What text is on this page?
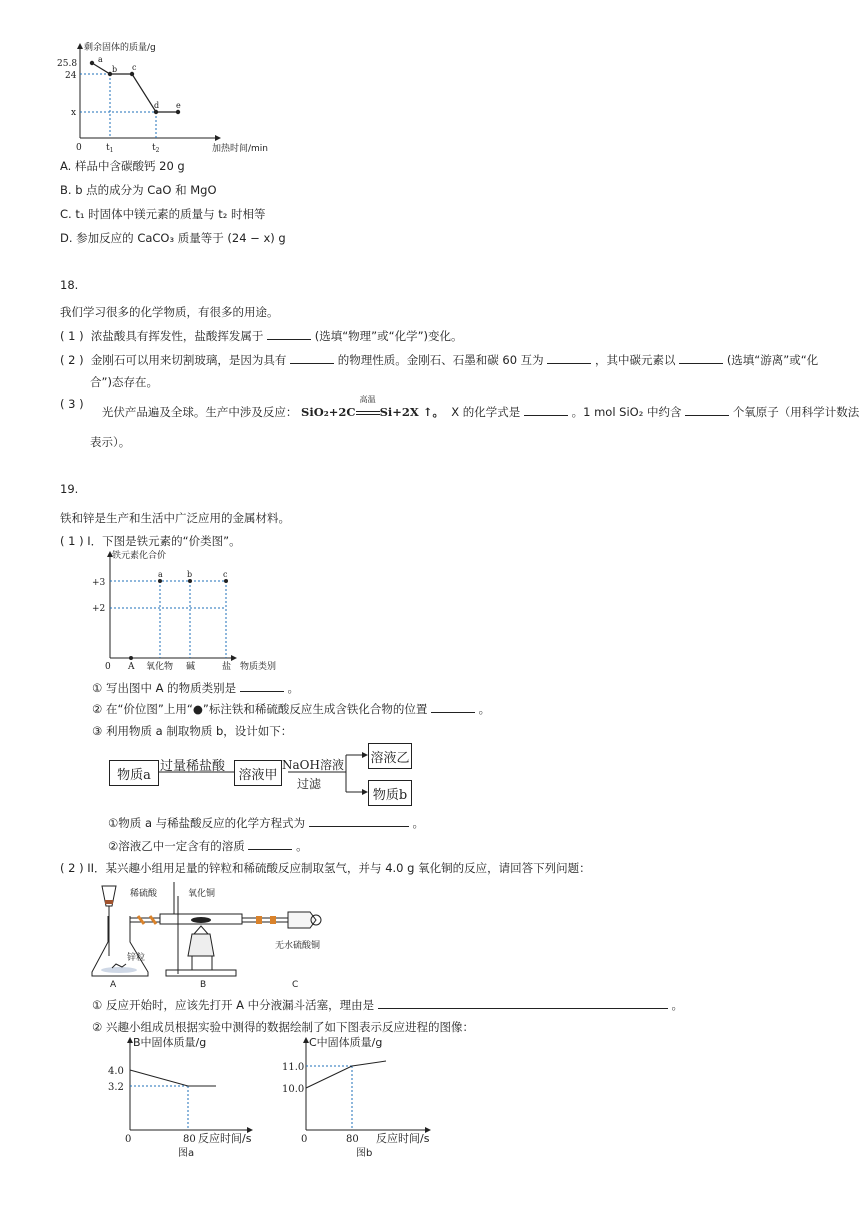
剩余固体的质量/g
加热时间/min
25.8
24
x
0	$t_1$	$t_2$
a
b c
d e
A. 样品中含碳酸钙 20 g
B. b 点的成分为 CaO 和 MgO
C. t₁ 时固体中镁元素的质量与 t₂ 时相等
D. 参加反应的 CaCO₃ 质量等于 (24 − x) g
18.
我们学习很多的化学物质，有很多的用途。
( 1 ) 浓盐酸具有挥发性，盐酸挥发属于	(选填“物理”或“化学”)变化。
( 2 ) 金刚石可以用来切割玻璃，是因为具有	的物理性质。金刚石、石墨和碳 60 互为	，其中碳元素以	(选填“游离”或“化
合”)态存在。
( 3 )     光伏产品遍及全球。生产中涉及反应： SiO₂+2C
高温
Si+2X ↑。 X 的化学式是	。1 mol SiO₂ 中约含	个氧原子（用科学计数法
表示）。
19.
铁和锌是生产和生活中广泛应用的金属材料。
( 1 ) I．下图是铁元素的“价类图”。
铁元素化合价
物质类别
+3
+2
0 A 氧化物 碱	盐
a	b	c
① 写出图中 A 的物质类别是	。
② 在“价位图”上用“●”标注铁和稀硫酸反应生成含铁化合物的位置	。
③ 利用物质 a 制取物质 b，设计如下：
物质a
过量稀盐酸
溶液甲
NaOH溶液
过滤
溶液乙
物质b
①物质 a 与稀盐酸反应的化学方程式为	。
②溶液乙中一定含有的溶质	。
( 2 ) II．某兴趣小组用足量的锌粒和稀硫酸反应制取氢气，并与 4.0 g 氧化铜的反应，请回答下列问题：
稀硫酸	氧化铜
锌粒
无水硫酸铜
A	B	C
① 反应开始时，应该先打开 A 中分液漏斗活塞，理由是	。
② 兴趣小组成员根据实验中测得的数据绘制了如下图表示反应进程的图像：
B中固体质量/g
反应时间/s
4.0
3.2
0	80
图a
C中固体质量/g
反应时间/s
11.0
10.0
0	80
图b
